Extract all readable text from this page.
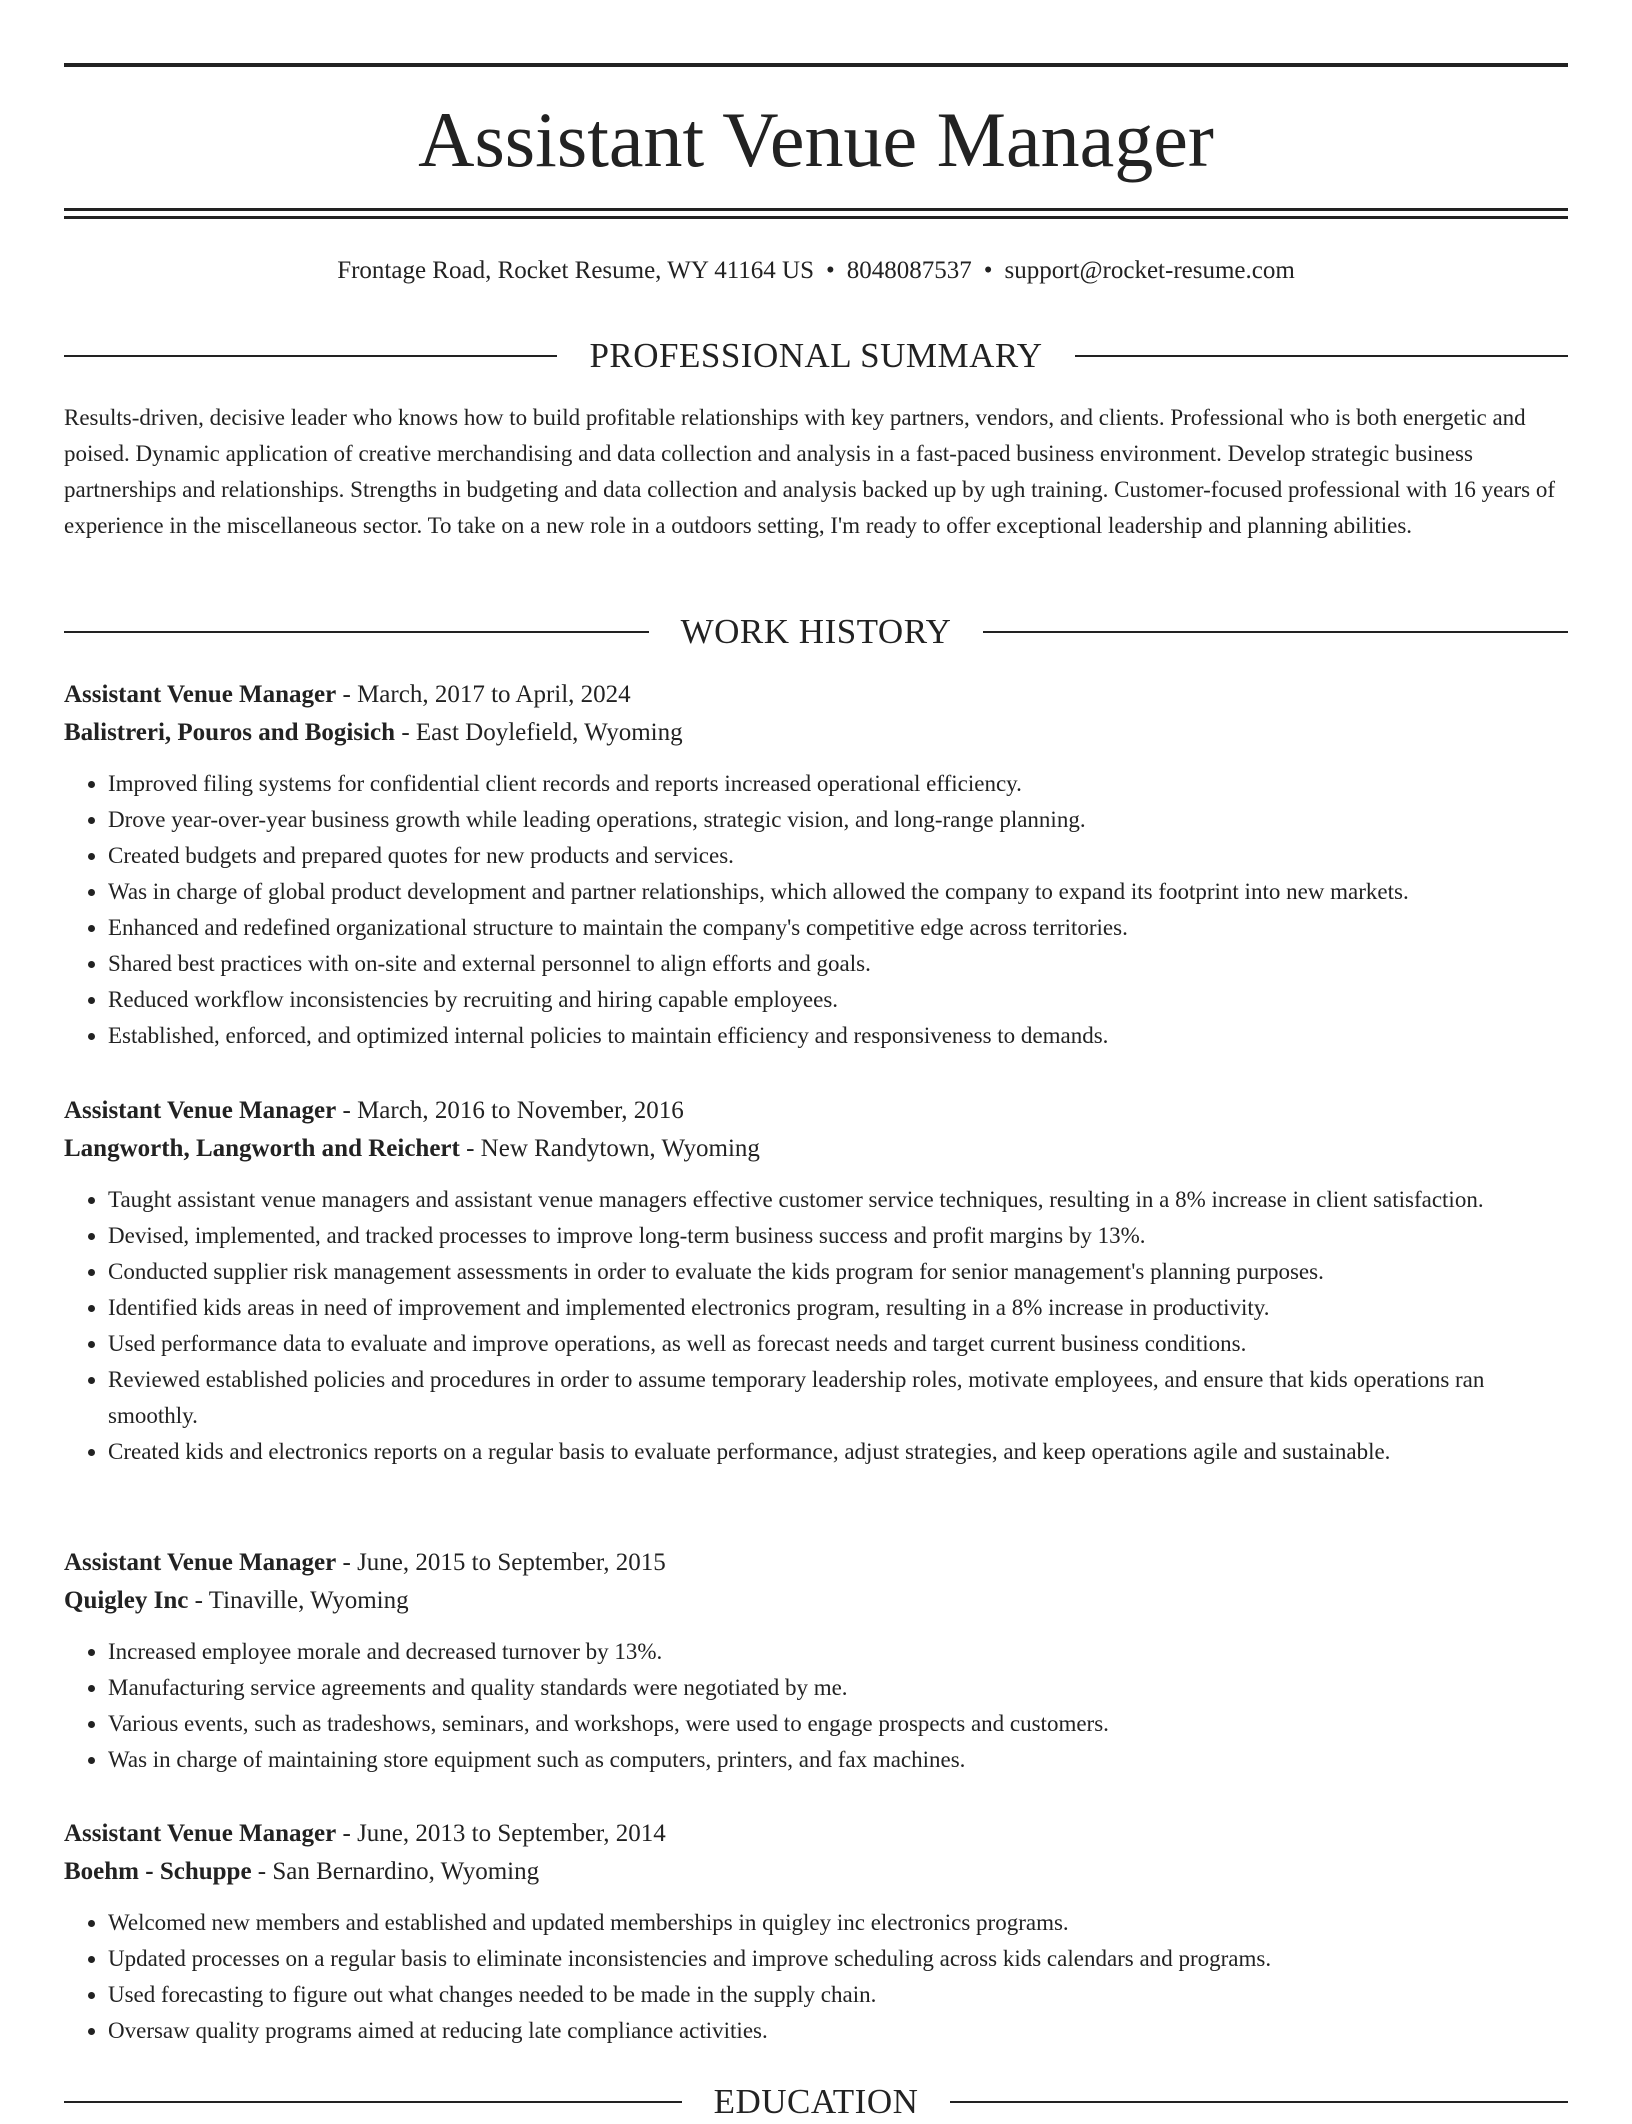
Assistant Venue Manager
Frontage Road, Rocket Resume, WY 41164 US • 8048087537 • support@rocket-resume.com
PROFESSIONAL SUMMARY
Results-driven, decisive leader who knows how to build profitable relationships with key partners, vendors, and clients. Professional who is both energetic and poised. Dynamic application of creative merchandising and data collection and analysis in a fast-paced business environment. Develop strategic business partnerships and relationships. Strengths in budgeting and data collection and analysis backed up by ugh training. Customer-focused professional with 16 years of experience in the miscellaneous sector. To take on a new role in a outdoors setting, I'm ready to offer exceptional leadership and planning abilities.
WORK HISTORY
Assistant Venue Manager - March, 2017 to April, 2024
Balistreri, Pouros and Bogisich - East Doylefield, Wyoming
• Improved filing systems for confidential client records and reports increased operational efficiency.
• Drove year-over-year business growth while leading operations, strategic vision, and long-range planning.
• Created budgets and prepared quotes for new products and services.
• Was in charge of global product development and partner relationships, which allowed the company to expand its footprint into new markets.
• Enhanced and redefined organizational structure to maintain the company's competitive edge across territories.
• Shared best practices with on-site and external personnel to align efforts and goals.
• Reduced workflow inconsistencies by recruiting and hiring capable employees.
• Established, enforced, and optimized internal policies to maintain efficiency and responsiveness to demands.
Assistant Venue Manager - March, 2016 to November, 2016
Langworth, Langworth and Reichert - New Randytown, Wyoming
• Taught assistant venue managers and assistant venue managers effective customer service techniques, resulting in a 8% increase in client satisfaction.
• Devised, implemented, and tracked processes to improve long-term business success and profit margins by 13%.
• Conducted supplier risk management assessments in order to evaluate the kids program for senior management's planning purposes.
• Identified kids areas in need of improvement and implemented electronics program, resulting in a 8% increase in productivity.
• Used performance data to evaluate and improve operations, as well as forecast needs and target current business conditions.
• Reviewed established policies and procedures in order to assume temporary leadership roles, motivate employees, and ensure that kids operations ran smoothly.
• Created kids and electronics reports on a regular basis to evaluate performance, adjust strategies, and keep operations agile and sustainable.
Assistant Venue Manager - June, 2015 to September, 2015
Quigley Inc - Tinaville, Wyoming
• Increased employee morale and decreased turnover by 13%.
• Manufacturing service agreements and quality standards were negotiated by me.
• Various events, such as tradeshows, seminars, and workshops, were used to engage prospects and customers.
• Was in charge of maintaining store equipment such as computers, printers, and fax machines.
Assistant Venue Manager - June, 2013 to September, 2014
Boehm - Schuppe - San Bernardino, Wyoming
• Welcomed new members and established and updated memberships in quigley inc electronics programs.
• Updated processes on a regular basis to eliminate inconsistencies and improve scheduling across kids calendars and programs.
• Used forecasting to figure out what changes needed to be made in the supply chain.
• Oversaw quality programs aimed at reducing late compliance activities.
EDUCATION
